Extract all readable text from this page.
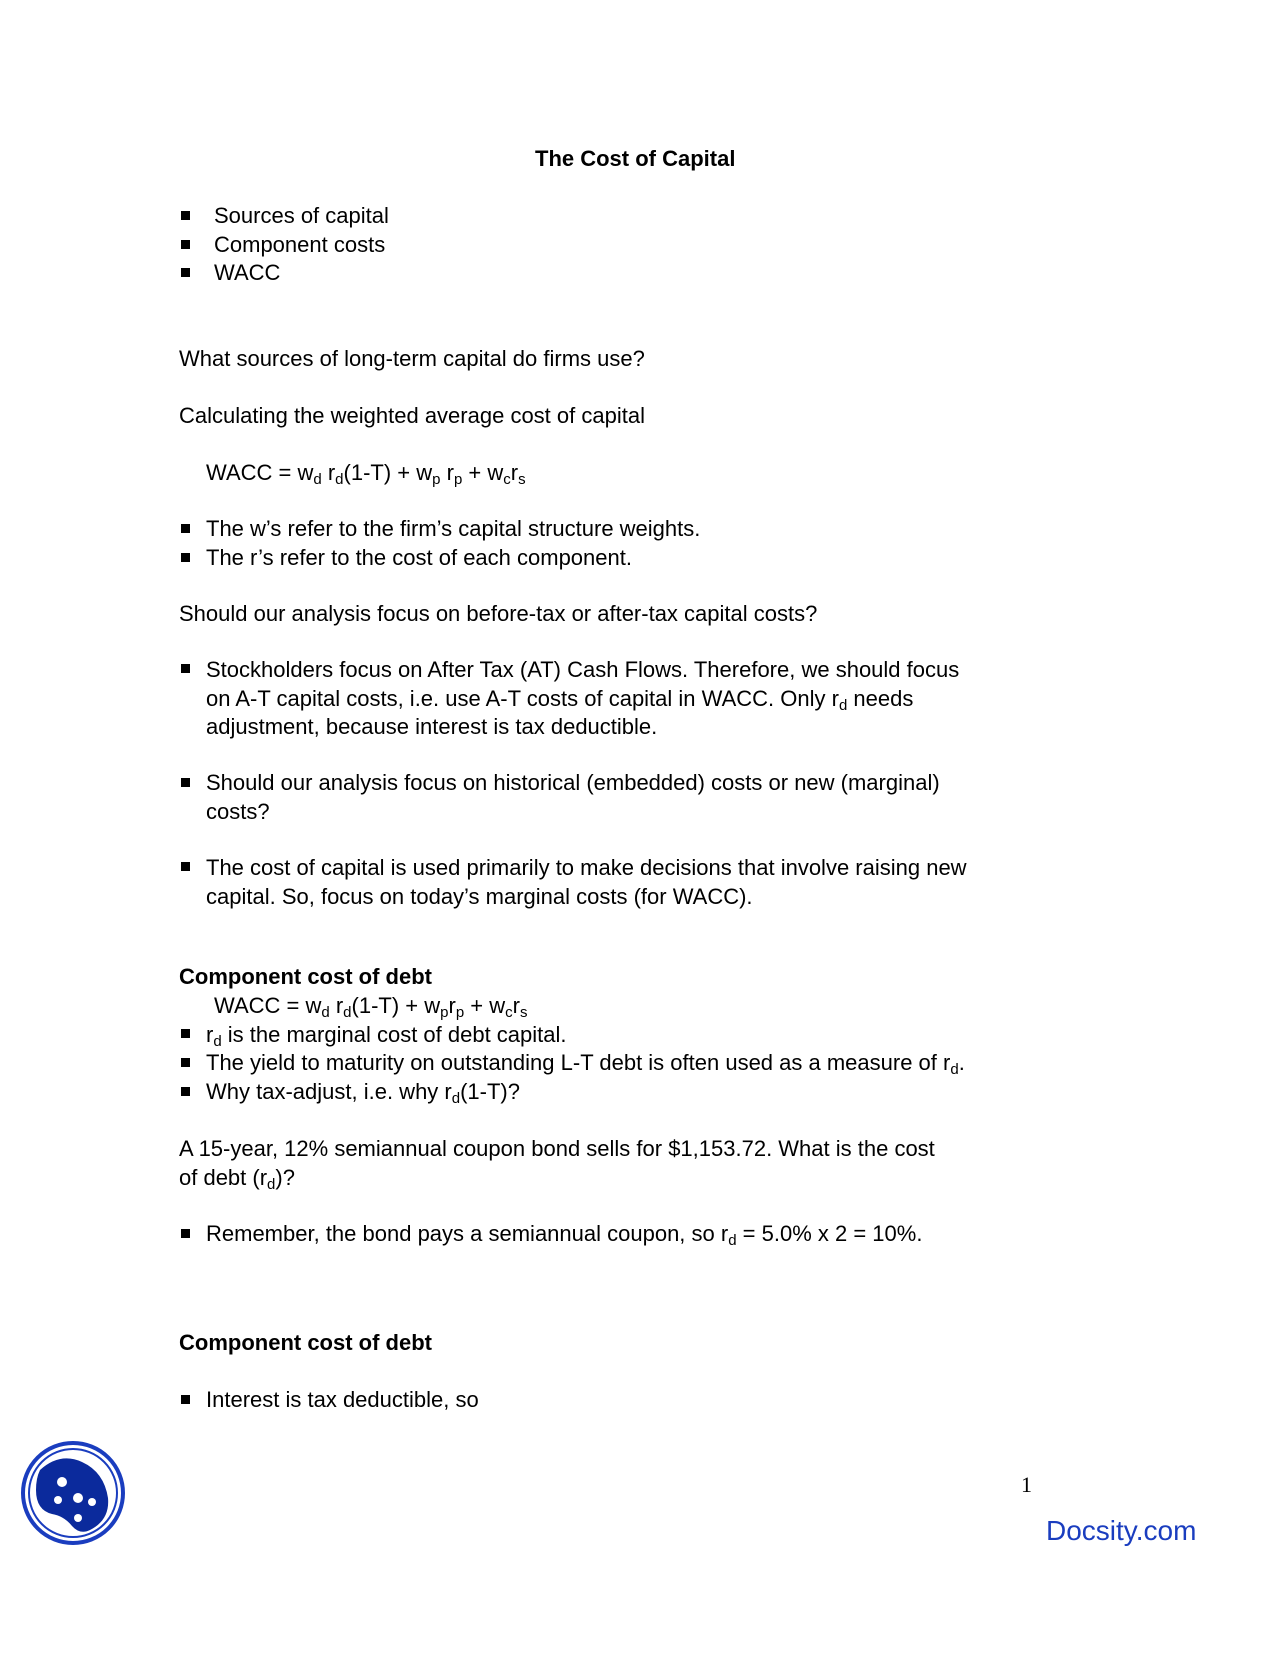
The Cost of Capital
Sources of capital
Component costs
WACC
What sources of long-term capital do firms use?
Calculating the weighted average cost of capital
WACC = $w_d$ $r_d(1-T) + w_p$ $r_p + w_cr_s$
The w’s refer to the firm’s capital structure weights.
The r’s refer to the cost of each component.
Should our analysis focus on before-tax or after-tax capital costs?
Stockholders focus on After Tax (AT) Cash Flows. Therefore, we should focus
on A-T capital costs, i.e. use A-T costs of capital in WACC. Only $r_d$ needs
adjustment, because interest is tax deductible.
Should our analysis focus on historical (embedded) costs or new (marginal)
costs?
The cost of capital is used primarily to make decisions that involve raising new
capital. So, focus on today’s marginal costs (for WACC).
Component cost of debt
WACC = $w_d$ $r_d(1-T) + w_pr_p + w_cr_s$
$r_d$ is the marginal cost of debt capital.
The yield to maturity on outstanding L-T debt is often used as a measure of $r_d$.
Why tax-adjust, i.e. why $r_d(1-T)$?
A 15-year, 12% semiannual coupon bond sells for $1,153.72. What is the cost
of debt $(r_d)$?
Remember, the bond pays a semiannual coupon, so $r_d = 5.0\%$ x 2 = 10%.
Component cost of debt
Interest is tax deductible, so
1
Docsity.com
